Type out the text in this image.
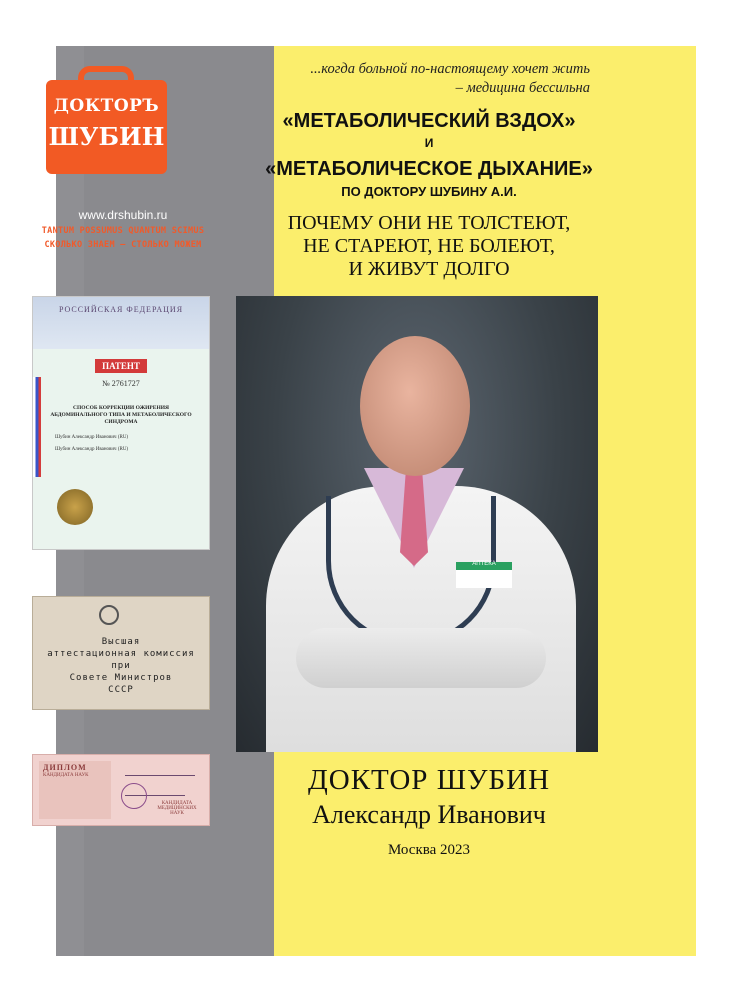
ДОКТОРЪ
ШУБИН
www.drshubin.ru
TANTUM POSSUMUS QUANTUM SCIMUS
СКОЛЬКО ЗНАЕМ – СТОЛЬКО МОЖЕМ
РОССИЙСКАЯ ФЕДЕРАЦИЯ
ПАТЕНТ
№ 2761727
СПОСОБ КОРРЕКЦИИ ОЖИРЕНИЯ АБДОМИНАЛЬНОГО ТИПА И МЕТАБОЛИЧЕСКОГО СИНДРОМА
Шубин Александр Иванович (RU)
Шубин Александр Иванович (RU)
Высшая
аттестационная комиссия
при
Совете Министров
СССР
ДИПЛОМ
КАНДИДАТА НАУК
КАНДИДАТА МЕДИЦИНСКИХ НАУК
...когда больной по-настоящему хочет жить
– медицина бессильна
«МЕТАБОЛИЧЕСКИЙ ВЗДОХ»
И
«МЕТАБОЛИЧЕСКОЕ ДЫХАНИЕ»
ПО ДОКТОРУ ШУБИНУ А.И.
ПОЧЕМУ ОНИ НЕ ТОЛСТЕЮТ,
НЕ СТАРЕЮТ, НЕ БОЛЕЮТ,
И ЖИВУТ ДОЛГО
АПТЕКА
ДОКТОР ШУБИН
Александр Иванович
Москва 2023
